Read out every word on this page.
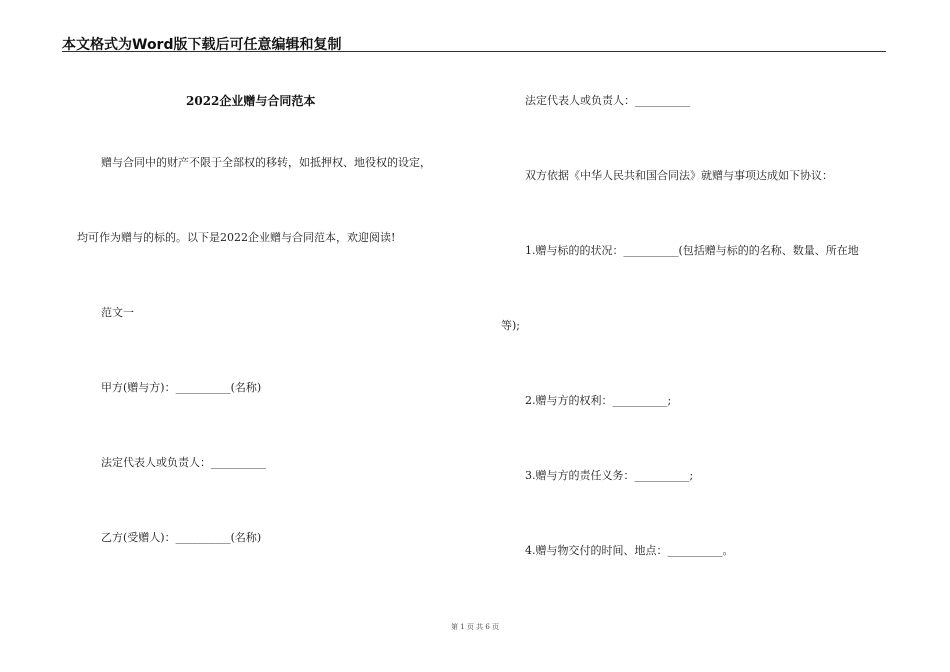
本文格式为Word版下载后可任意编辑和复制
2022企业赠与合同范本
赠与合同中的财产不限于全部权的移转，如抵押权、地役权的设定，
均可作为赠与的标的。以下是2022企业赠与合同范本，欢迎阅读!
范文一
甲方(赠与方)：__________(名称)
法定代表人或负责人：__________
乙方(受赠人)：__________(名称)
法定代表人或负责人：__________
双方依据《中华人民共和国合同法》就赠与事项达成如下协议：
1.赠与标的的状况：__________(包括赠与标的的名称、数量、所在地
等);
2.赠与方的权利：__________;
3.赠与方的责任义务：__________;
4.赠与物交付的时间、地点：__________。
第 1 页 共 6 页
